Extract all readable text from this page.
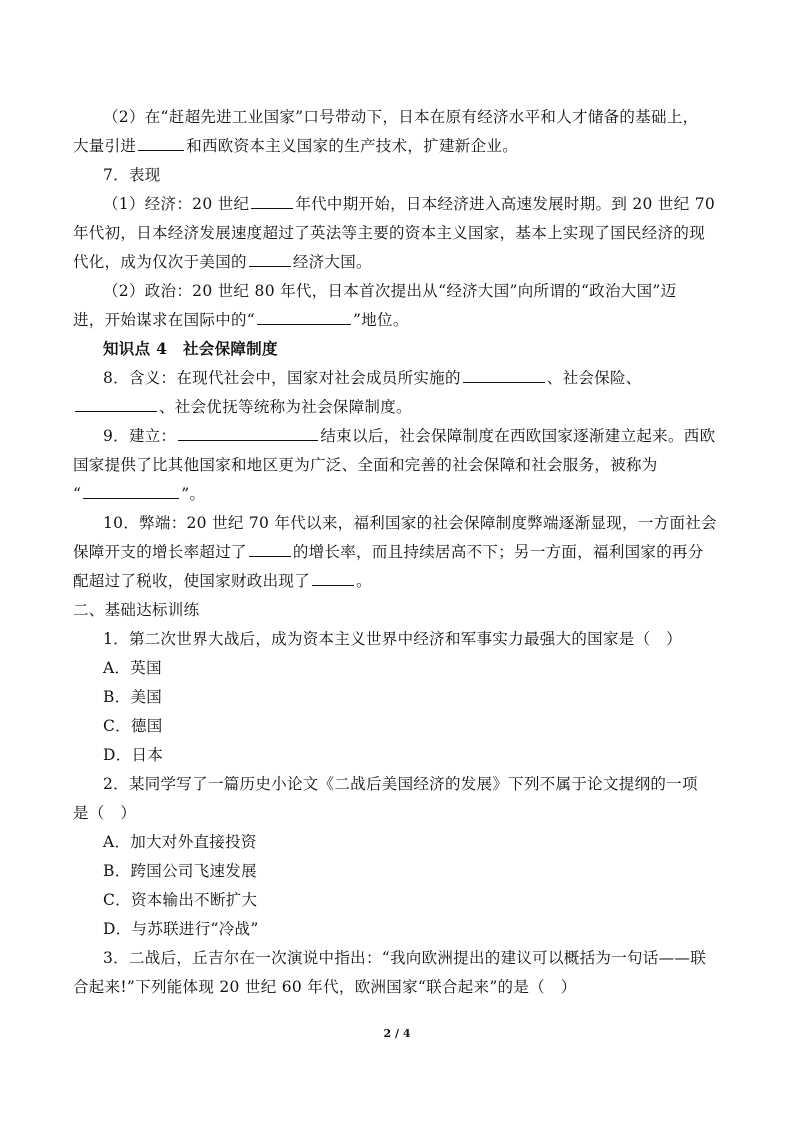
（2）在“赶超先进工业国家”口号带动下，日本在原有经济水平和人才储备的基础上，
大量引进	和西欧资本主义国家的生产技术，扩建新企业。
7．表现
（1）经济：20 世纪	年代中期开始，日本经济进入高速发展时期。到 20 世纪 70
年代初，日本经济发展速度超过了英法等主要的资本主义国家，基本上实现了国民经济的现
代化，成为仅次于美国的	经济大国。
（2）政治：20 世纪 80 年代，日本首次提出从“经济大国”向所谓的“政治大国”迈
进，开始谋求在国际中的“	”地位。
知识点 4　社会保障制度
8．含义：在现代社会中，国家对社会成员所实施的	、社会保险、
、社会优抚等统称为社会保障制度。
9．建立：	结束以后，社会保障制度在西欧国家逐渐建立起来。西欧
国家提供了比其他国家和地区更为广泛、全面和完善的社会保障和社会服务，被称为
“	”。
10．弊端：20 世纪 70 年代以来，福利国家的社会保障制度弊端逐渐显现，一方面社会
保障开支的增长率超过了	的增长率，而且持续居高不下；另一方面，福利国家的再分
配超过了税收，使国家财政出现了	。
二、基础达标训练
1．第二次世界大战后，成为资本主义世界中经济和军事实力最强大的国家是（　）
A．英国
B．美国
C．德国
D．日本
2．某同学写了一篇历史小论文《二战后美国经济的发展》下列不属于论文提纲的一项
是（　）
A．加大对外直接投资
B．跨国公司飞速发展
C．资本输出不断扩大
D．与苏联进行“冷战”
3．二战后，丘吉尔在一次演说中指出：“我向欧洲提出的建议可以概括为一句话——联
合起来!”下列能体现 20 世纪 60 年代，欧洲国家“联合起来”的是（　）
2 / 4
